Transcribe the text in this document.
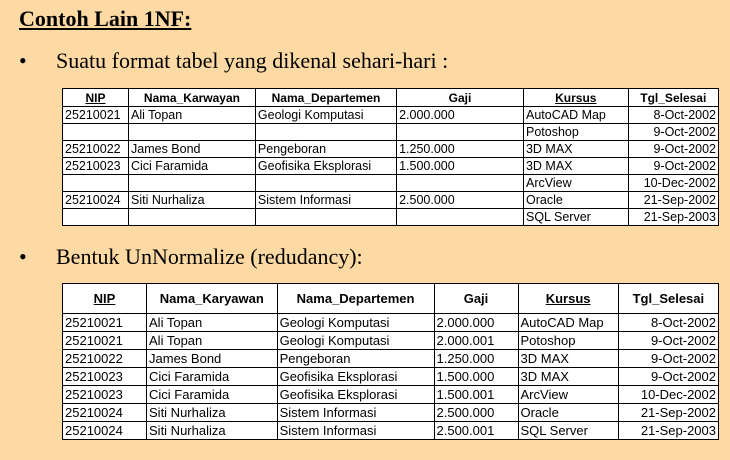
Contoh Lain 1NF:
•	Suatu format tabel yang dikenal sehari-hari :
NIP	Nama_Karwayan	Nama_Departemen	Gaji	Kursus	Tgl_Selesai
25210021	Ali Topan	Geologi Komputasi	2.000.000	AutoCAD Map	8-Oct-2002
				Potoshop	9-Oct-2002
25210022	James Bond	Pengeboran	1.250.000	3D MAX	9-Oct-2002
25210023	Cici Faramida	Geofisika Eksplorasi	1.500.000	3D MAX	9-Oct-2002
				ArcView	10-Dec-2002
25210024	Siti Nurhaliza	Sistem Informasi	2.500.000	Oracle	21-Sep-2002
				SQL Server	21-Sep-2003
•	Bentuk UnNormalize (redudancy):
NIP	Nama_Karyawan	Nama_Departemen	Gaji	Kursus	Tgl_Selesai
25210021	Ali Topan	Geologi Komputasi	2.000.000	AutoCAD Map	8-Oct-2002
25210021	Ali Topan	Geologi Komputasi	2.000.001	Potoshop	9-Oct-2002
25210022	James Bond	Pengeboran	1.250.000	3D MAX	9-Oct-2002
25210023	Cici Faramida	Geofisika Eksplorasi	1.500.000	3D MAX	9-Oct-2002
25210023	Cici Faramida	Geofisika Eksplorasi	1.500.001	ArcView	10-Dec-2002
25210024	Siti Nurhaliza	Sistem Informasi	2.500.000	Oracle	21-Sep-2002
25210024	Siti Nurhaliza	Sistem Informasi	2.500.001	SQL Server	21-Sep-2003
